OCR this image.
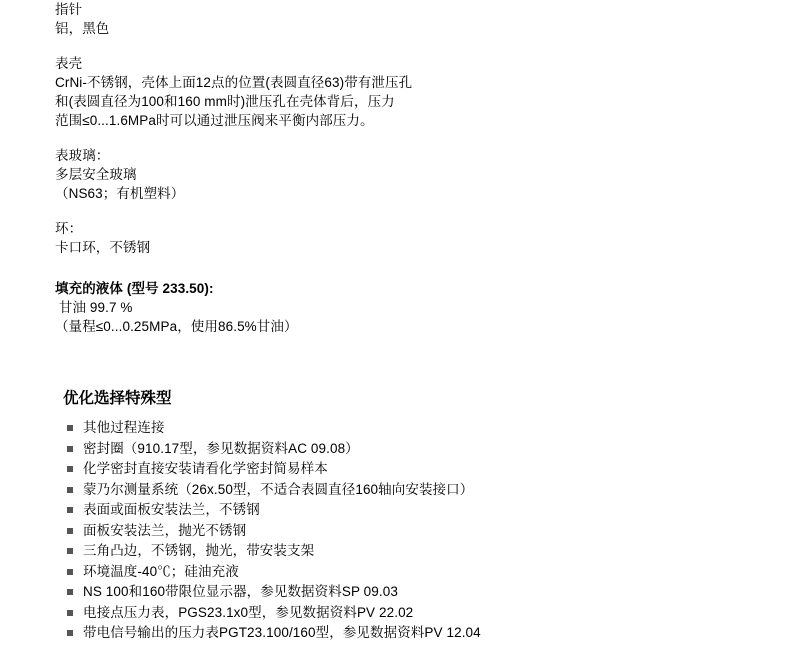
指针
铝，黑色
表壳
CrNi-不锈钢，壳体上面12点的位置(表圆直径63)带有泄压孔
和(表圆直径为100和160 mm时)泄压孔在壳体背后，压力
范围≤0...1.6MPa时可以通过泄压阀来平衡内部压力。
表玻璃：
多层安全玻璃
（NS63；有机塑料）
环：
卡口环，不锈钢
填充的液体 (型号 233.50):
甘油 99.7 %
（量程≤0...0.25MPa，使用86.5%甘油）
优化选择特殊型
其他过程连接
密封圈（910.17型，参见数据资料AC 09.08）
化学密封直接安装请看化学密封简易样本
蒙乃尔测量系统（26x.50型，不适合表圆直径160轴向安装接口）
表面或面板安装法兰，不锈钢
面板安装法兰，抛光不锈钢
三角凸边，不锈钢，抛光，带安装支架
环境温度-40℃；硅油充液
NS 100和160带限位显示器，参见数据资料SP 09.03
电接点压力表，PGS23.1x0型，参见数据资料PV 22.02
带电信号输出的压力表PGT23.100/160型，参见数据资料PV 12.04
